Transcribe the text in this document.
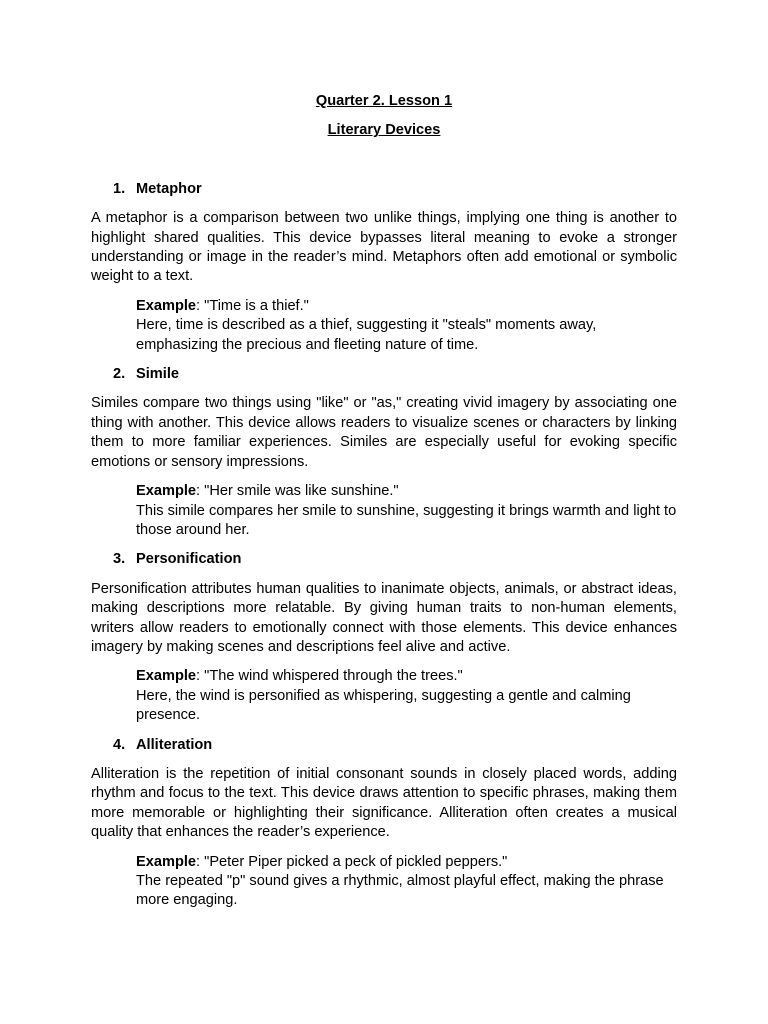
Quarter 2. Lesson 1

Literary Devices

1. Metaphor

A metaphor is a comparison between two unlike things, implying one thing is another to highlight shared qualities. This device bypasses literal meaning to evoke a stronger understanding or image in the reader’s mind. Metaphors often add emotional or symbolic weight to a text.

Example: "Time is a thief."
Here, time is described as a thief, suggesting it "steals" moments away, emphasizing the precious and fleeting nature of time.

2. Simile

Similes compare two things using "like" or "as," creating vivid imagery by associating one thing with another. This device allows readers to visualize scenes or characters by linking them to more familiar experiences. Similes are especially useful for evoking specific emotions or sensory impressions.

Example: "Her smile was like sunshine."
This simile compares her smile to sunshine, suggesting it brings warmth and light to those around her.

3. Personification

Personification attributes human qualities to inanimate objects, animals, or abstract ideas, making descriptions more relatable. By giving human traits to non-human elements, writers allow readers to emotionally connect with those elements. This device enhances imagery by making scenes and descriptions feel alive and active.

Example: "The wind whispered through the trees."
Here, the wind is personified as whispering, suggesting a gentle and calming presence.

4. Alliteration

Alliteration is the repetition of initial consonant sounds in closely placed words, adding rhythm and focus to the text. This device draws attention to specific phrases, making them more memorable or highlighting their significance. Alliteration often creates a musical quality that enhances the reader’s experience.

Example: "Peter Piper picked a peck of pickled peppers."
The repeated "p" sound gives a rhythmic, almost playful effect, making the phrase more engaging.
